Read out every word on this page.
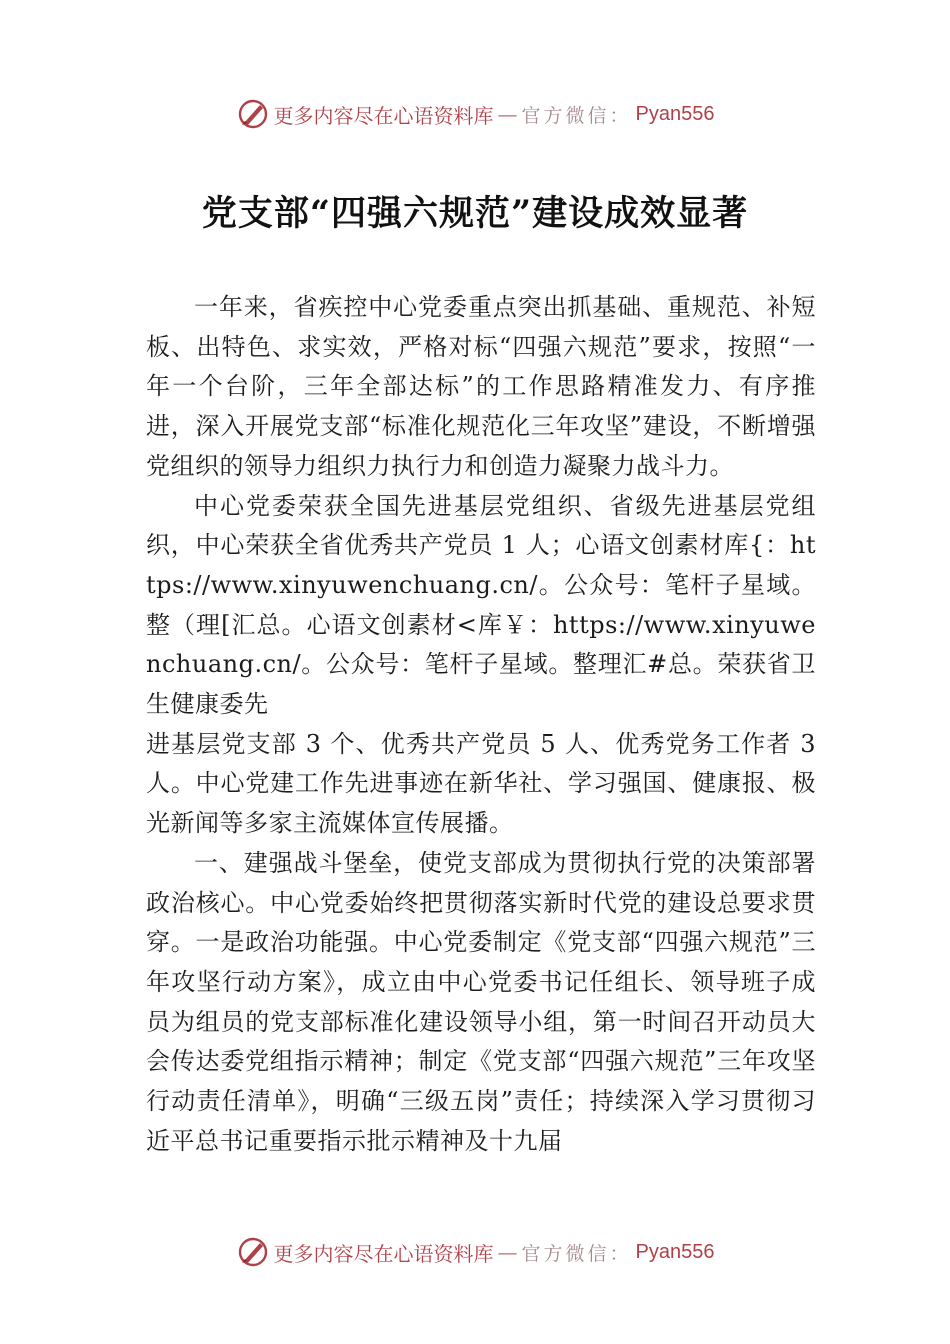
更多内容尽在心语资料库 — 官方微信： Pyan556
党支部“四强六规范”建设成效显著

一年来，省疾控中心党委重点突出抓基础、重规范、补短板、出特色、求实效，严格对标“四强六规范”要求，按照“一年一个台阶，三年全部达标”的工作思路精准发力、有序推进，深入开展党支部“标准化规范化三年攻坚”建设，不断增强党组织的领导力组织力执行力和创造力凝聚力战斗力。

中心党委荣获全国先进基层党组织、省级先进基层党组织，中心荣获全省优秀共产党员 1 人；心语文创素材库{：https://www.xinyuwenchuang.cn/。公众号：笔杆子星域。整（理[汇总。心语文创素材<库￥：https://www.xinyuwenchuang.cn/。公众号：笔杆子星域。整理汇#总。荣获省卫生健康委先

进基层党支部 3 个、优秀共产党员 5 人、优秀党务工作者 3 人。中心党建工作先进事迹在新华社、学习强国、健康报、极光新闻等多家主流媒体宣传展播。

一、建强战斗堡垒，使党支部成为贯彻执行党的决策部署政治核心。中心党委始终把贯彻落实新时代党的建设总要求贯穿。一是政治功能强。中心党委制定《党支部“四强六规范”三年攻坚行动方案》，成立由中心党委书记任组长、领导班子成员为组员的党支部标准化建设领导小组，第一时间召开动员大会传达委党组指示精神；制定《党支部“四强六规范”三年攻坚行动责任清单》，明确“三级五岗”责任；持续深入学习贯彻习近平总书记重要指示批示精神及十九届

更多内容尽在心语资料库 — 官方微信： Pyan556
